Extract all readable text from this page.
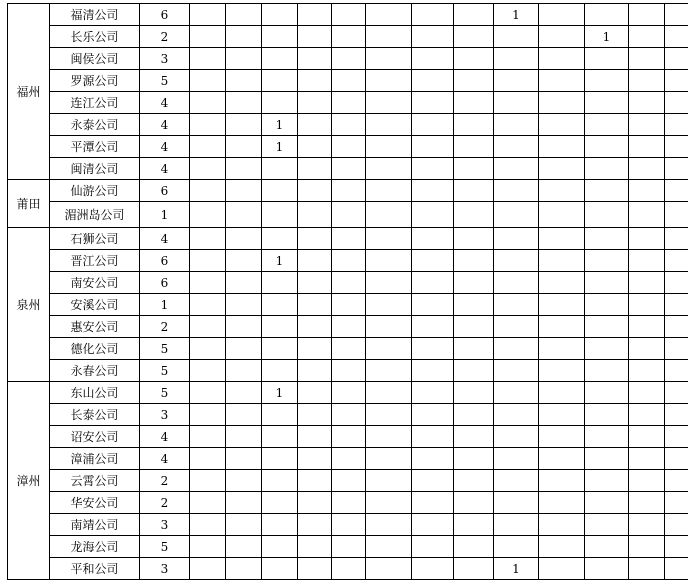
福州	福清公司	6									1				
	长乐公司	2											1		
	闽侯公司	3													
	罗源公司	5													
	连江公司	4													
	永泰公司	4			1										
	平潭公司	4			1										
	闽清公司	4													
莆田	仙游公司	6													
	湄洲岛公司	1													
泉州	石狮公司	4													
	晋江公司	6			1										
	南安公司	6													
	安溪公司	1													
	惠安公司	2													
	德化公司	5													
	永春公司	5													
漳州	东山公司	5			1										
	长泰公司	3													
	诏安公司	4													
	漳浦公司	4													
	云霄公司	2													
	华安公司	2													
	南靖公司	3													
	龙海公司	5													
	平和公司	3									1				
